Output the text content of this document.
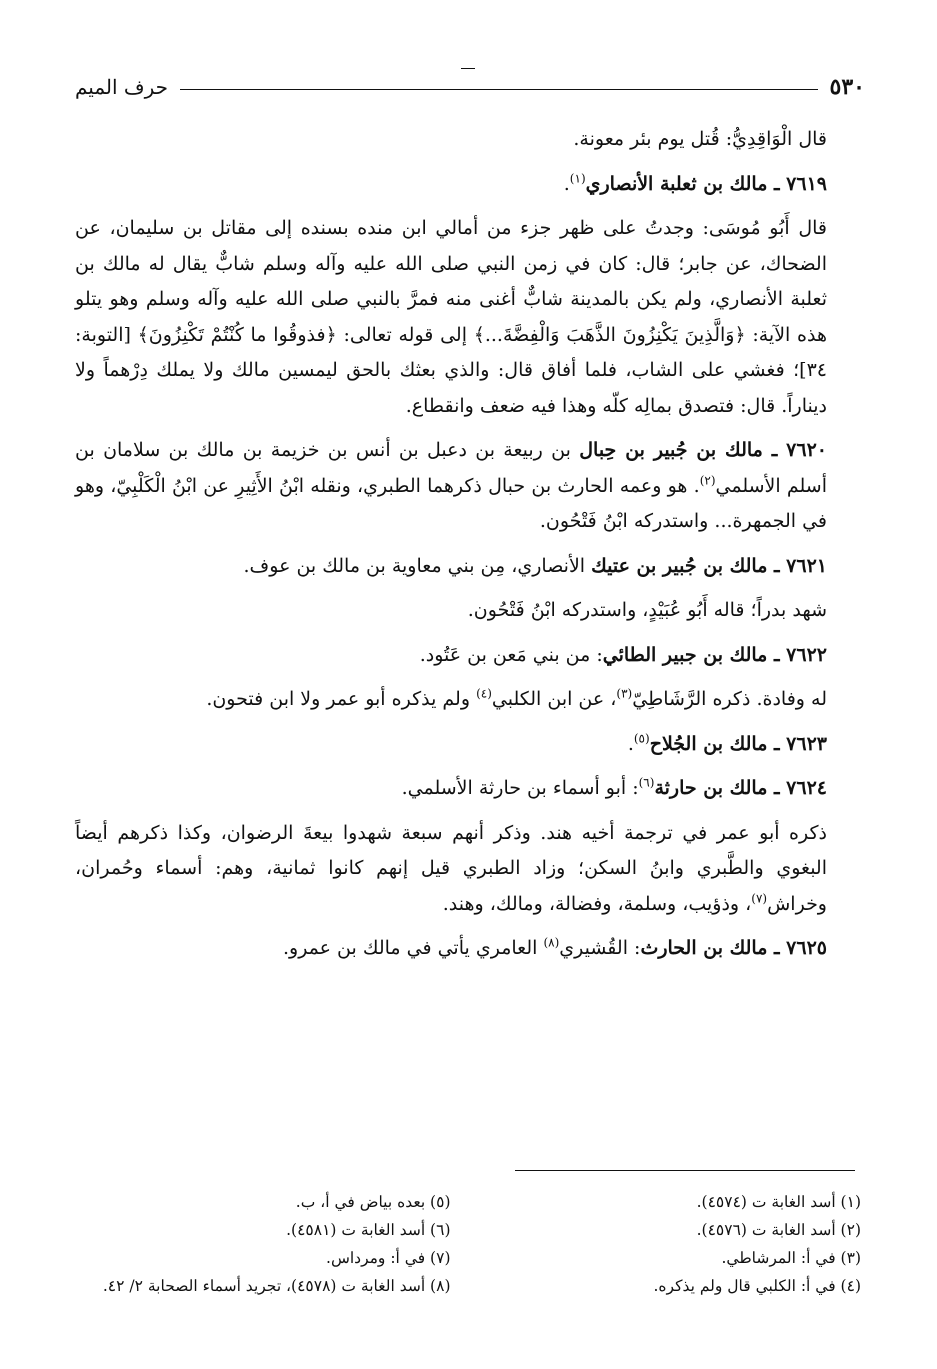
٥٣٠
حرف الميم

قال الْوَاقِدِيُّ: قُتل يوم بئر معونة.

٧٦١٩ ـ مالك بن ثعلبة الأنصاري$^{(١)}$.

قال أَبُو مُوسَى: وجدتُ على ظهر جزء من أمالي ابن منده بسنده إلى مقاتل بن سليمان، عن الضحاك، عن جابر؛ قال: كان في زمن النبي صلى الله عليه وآله وسلم شابٌّ يقال له مالك بن ثعلبة الأنصاري، ولم يكن بالمدينة شابٌّ أغنى منه فمرَّ بالنبي صلى الله عليه وآله وسلم وهو يتلو هذه الآية: ﴿وَالَّذِينَ يَكْنِزُونَ الذَّهَبَ وَالْفِضَّةَ...﴾ إلى قوله تعالى: ﴿فذوقُوا ما كُنْتُمْ تَكْنِزُونَ﴾ [التوبة: ٣٤]؛ فغشي على الشاب، فلما أفاق قال: والذي بعثك بالحق ليمسين مالك ولا يملك دِرْهماً ولا ديناراً. قال: فتصدق بمالِه كلّه وهذا فيه ضعف وانقطاع.

٧٦٢٠ ـ مالك بن جُبير بن حِبال بن ربيعة بن دعبل بن أنس بن خزيمة بن مالك بن سلامان بن أسلم الأسلمي$^{(٢)}$. هو وعمه الحارث بن حبال ذكرهما الطبري، ونقله ابْنُ الأَثِيرِ عن ابْنُ الْكَلْبِيّ، وهو في الجمهرة... واستدركه ابْنُ فَتْحُون.

٧٦٢١ ـ مالك بن جُبير بن عتيك الأنصاري، مِن بني معاوية بن مالك بن عوف.

شهد بدراً؛ قاله أَبُو عُبَيْدٍ، واستدركه ابْنُ فَتْحُون.

٧٦٢٢ ـ مالك بن جبير الطائي: من بني مَعن بن عَتُود.

له وفادة. ذكره الرَّشَاطِيّ$^{(٣)}$، عن ابن الكلبي$^{(٤)}$ ولم يذكره أبو عمر ولا ابن فتحون.

٧٦٢٣ ـ مالك بن الجُلاح$^{(٥)}$.

٧٦٢٤ ـ مالك بن حارثة$^{(٦)}$: أبو أسماء بن حارثة الأسلمي.

ذكره أبو عمر في ترجمة أخيه هند. وذكر أنهم سبعة شهدوا بيعةَ الرضوان، وكذا ذكرهم أيضاً البغوي والطَّبري وابنُ السكن؛ وزاد الطبري قيل إنهم كانوا ثمانية، وهم: أسماء وحُمران، وخراش$^{(٧)}$، وذؤيب، وسلمة، وفضالة، ومالك، وهند.

٧٦٢٥ ـ مالك بن الحارث: القُشيري$^{(٨)}$ العامري يأتي في مالك بن عمرو.

(١) أسد الغابة ت (٤٥٧٤).
(٢) أسد الغابة ت (٤٥٧٦).
(٣) في أ: المرشاطي.
(٤) في أ: الكلبي قال ولم يذكره.
(٥) بعده بياض في أ، ب.
(٦) أسد الغابة ت (٤٥٨١).
(٧) في أ: ومرداس.
(٨) أسد الغابة ت (٤٥٧٨)، تجريد أسماء الصحابة ٢/ ٤٢.
